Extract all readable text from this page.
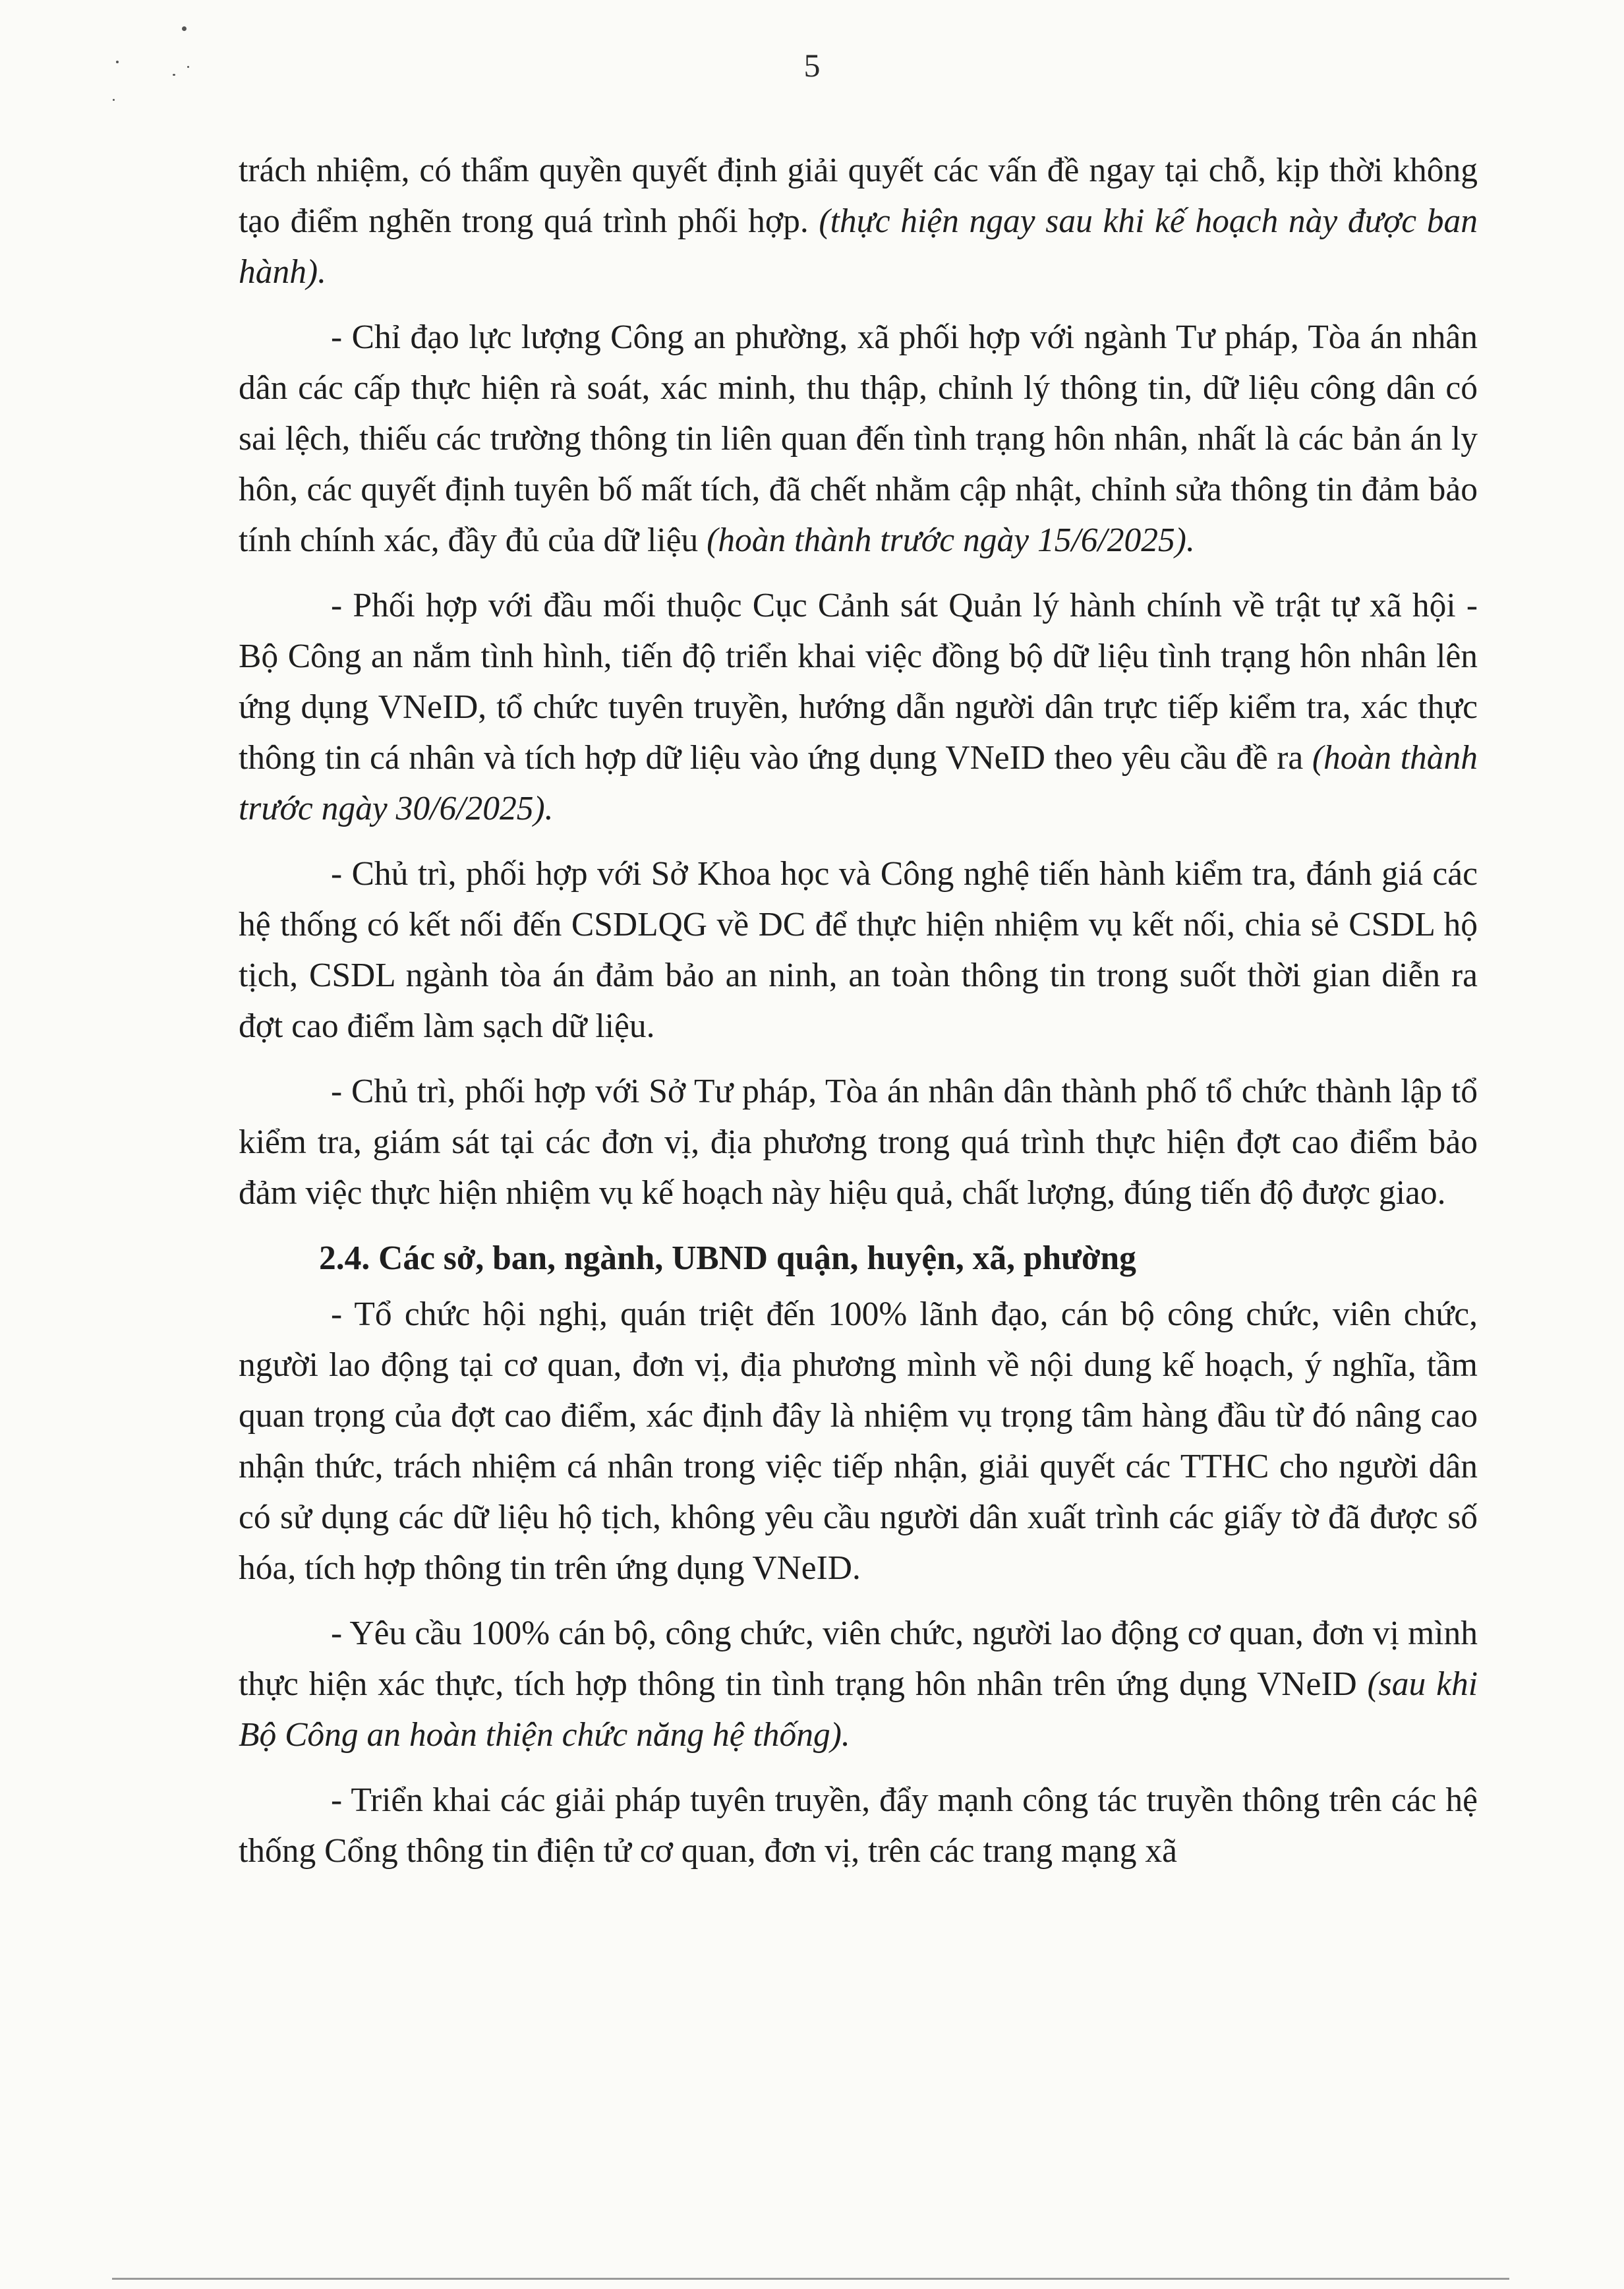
5

trách nhiệm, có thẩm quyền quyết định giải quyết các vấn đề ngay tại chỗ, kịp thời không tạo điểm nghẽn trong quá trình phối hợp. (thực hiện ngay sau khi kế hoạch này được ban hành).

- Chỉ đạo lực lượng Công an phường, xã phối hợp với ngành Tư pháp, Tòa án nhân dân các cấp thực hiện rà soát, xác minh, thu thập, chỉnh lý thông tin, dữ liệu công dân có sai lệch, thiếu các trường thông tin liên quan đến tình trạng hôn nhân, nhất là các bản án ly hôn, các quyết định tuyên bố mất tích, đã chết nhằm cập nhật, chỉnh sửa thông tin đảm bảo tính chính xác, đầy đủ của dữ liệu (hoàn thành trước ngày 15/6/2025).

- Phối hợp với đầu mối thuộc Cục Cảnh sát Quản lý hành chính về trật tự xã hội - Bộ Công an nắm tình hình, tiến độ triển khai việc đồng bộ dữ liệu tình trạng hôn nhân lên ứng dụng VNeID, tổ chức tuyên truyền, hướng dẫn người dân trực tiếp kiểm tra, xác thực thông tin cá nhân và tích hợp dữ liệu vào ứng dụng VNeID theo yêu cầu đề ra (hoàn thành trước ngày 30/6/2025).

- Chủ trì, phối hợp với Sở Khoa học và Công nghệ tiến hành kiểm tra, đánh giá các hệ thống có kết nối đến CSDLQG về DC để thực hiện nhiệm vụ kết nối, chia sẻ CSDL hộ tịch, CSDL ngành tòa án đảm bảo an ninh, an toàn thông tin trong suốt thời gian diễn ra đợt cao điểm làm sạch dữ liệu.

- Chủ trì, phối hợp với Sở Tư pháp, Tòa án nhân dân thành phố tổ chức thành lập tổ kiểm tra, giám sát tại các đơn vị, địa phương trong quá trình thực hiện đợt cao điểm bảo đảm việc thực hiện nhiệm vụ kế hoạch này hiệu quả, chất lượng, đúng tiến độ được giao.

2.4. Các sở, ban, ngành, UBND quận, huyện, xã, phường

- Tổ chức hội nghị, quán triệt đến 100% lãnh đạo, cán bộ công chức, viên chức, người lao động tại cơ quan, đơn vị, địa phương mình về nội dung kế hoạch, ý nghĩa, tầm quan trọng của đợt cao điểm, xác định đây là nhiệm vụ trọng tâm hàng đầu từ đó nâng cao nhận thức, trách nhiệm cá nhân trong việc tiếp nhận, giải quyết các TTHC cho người dân có sử dụng các dữ liệu hộ tịch, không yêu cầu người dân xuất trình các giấy tờ đã được số hóa, tích hợp thông tin trên ứng dụng VNeID.

- Yêu cầu 100% cán bộ, công chức, viên chức, người lao động cơ quan, đơn vị mình thực hiện xác thực, tích hợp thông tin tình trạng hôn nhân trên ứng dụng VNeID (sau khi Bộ Công an hoàn thiện chức năng hệ thống).

- Triển khai các giải pháp tuyên truyền, đẩy mạnh công tác truyền thông trên các hệ thống Cổng thông tin điện tử cơ quan, đơn vị, trên các trang mạng xã
